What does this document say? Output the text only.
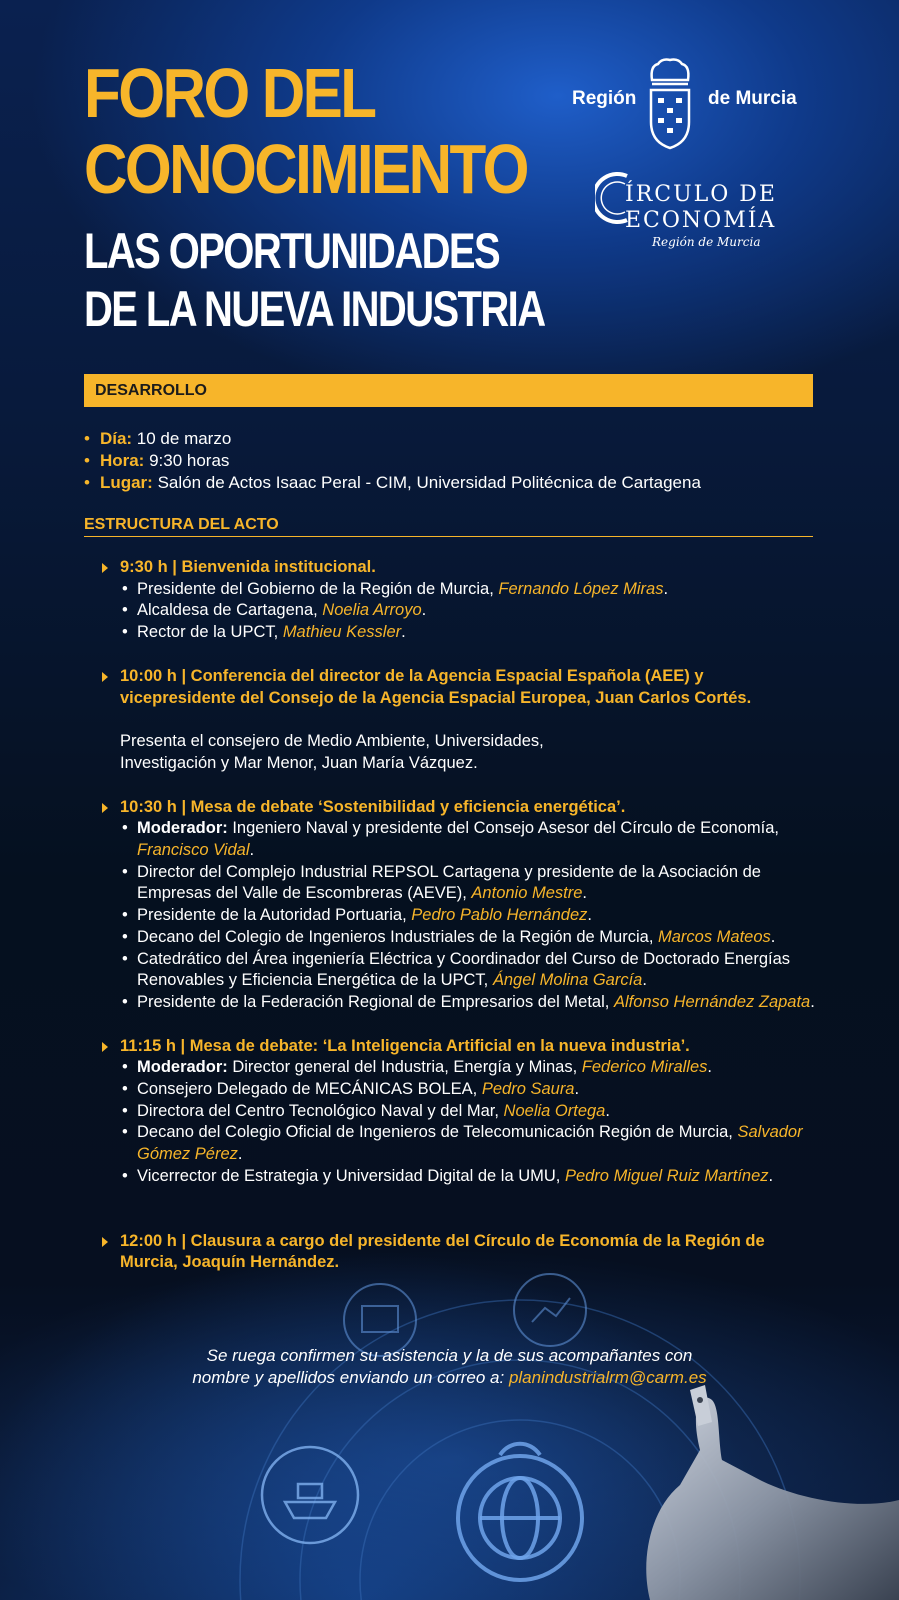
FORO DEL
CONOCIMIENTO
LAS OPORTUNIDADES
DE LA NUEVA INDUSTRIA
Región	de Murcia
ÍRCULO DE
ECONOMÍA
Región de Murcia
DESARROLLO
• Día: 10 de marzo
• Hora: 9:30 horas
• Lugar: Salón de Actos Isaac Peral - CIM, Universidad Politécnica de Cartagena
ESTRUCTURA DEL ACTO
9:30 h | Bienvenida institucional.
• Presidente del Gobierno de la Región de Murcia, Fernando López Miras.
• Alcaldesa de Cartagena, Noelia Arroyo.
• Rector de la UPCT, Mathieu Kessler.
10:00 h | Conferencia del director de la Agencia Espacial Española (AEE) y vicepresidente del Consejo de la Agencia Espacial Europea, Juan Carlos Cortés.
Presenta el consejero de Medio Ambiente, Universidades, Investigación y Mar Menor, Juan María Vázquez.
10:30 h | Mesa de debate ‘Sostenibilidad y eficiencia energética’.
• Moderador: Ingeniero Naval y presidente del Consejo Asesor del Círculo de Economía, Francisco Vidal.
• Director del Complejo Industrial REPSOL Cartagena y presidente de la Asociación de Empresas del Valle de Escombreras (AEVE), Antonio Mestre.
• Presidente de la Autoridad Portuaria, Pedro Pablo Hernández.
• Decano del Colegio de Ingenieros Industriales de la Región de Murcia, Marcos Mateos.
• Catedrático del Área ingeniería Eléctrica y Coordinador del Curso de Doctorado Energías Renovables y Eficiencia Energética de la UPCT, Ángel Molina García.
• Presidente de la Federación Regional de Empresarios del Metal, Alfonso Hernández Zapata.
11:15 h | Mesa de debate: ‘La Inteligencia Artificial en la nueva industria’.
• Moderador: Director general del Industria, Energía y Minas, Federico Miralles.
• Consejero Delegado de MECÁNICAS BOLEA, Pedro Saura.
• Directora del Centro Tecnológico Naval y del Mar, Noelia Ortega.
• Decano del Colegio Oficial de Ingenieros de Telecomunicación Región de Murcia, Salvador Gómez Pérez.
• Vicerrector de Estrategia y Universidad Digital de la UMU, Pedro Miguel Ruiz Martínez.
12:00 h | Clausura a cargo del presidente del Círculo de Economía de la Región de Murcia, Joaquín Hernández.
Se ruega confirmen su asistencia y la de sus acompañantes con
nombre y apellidos enviando un correo a: planindustrialrm@carm.es
